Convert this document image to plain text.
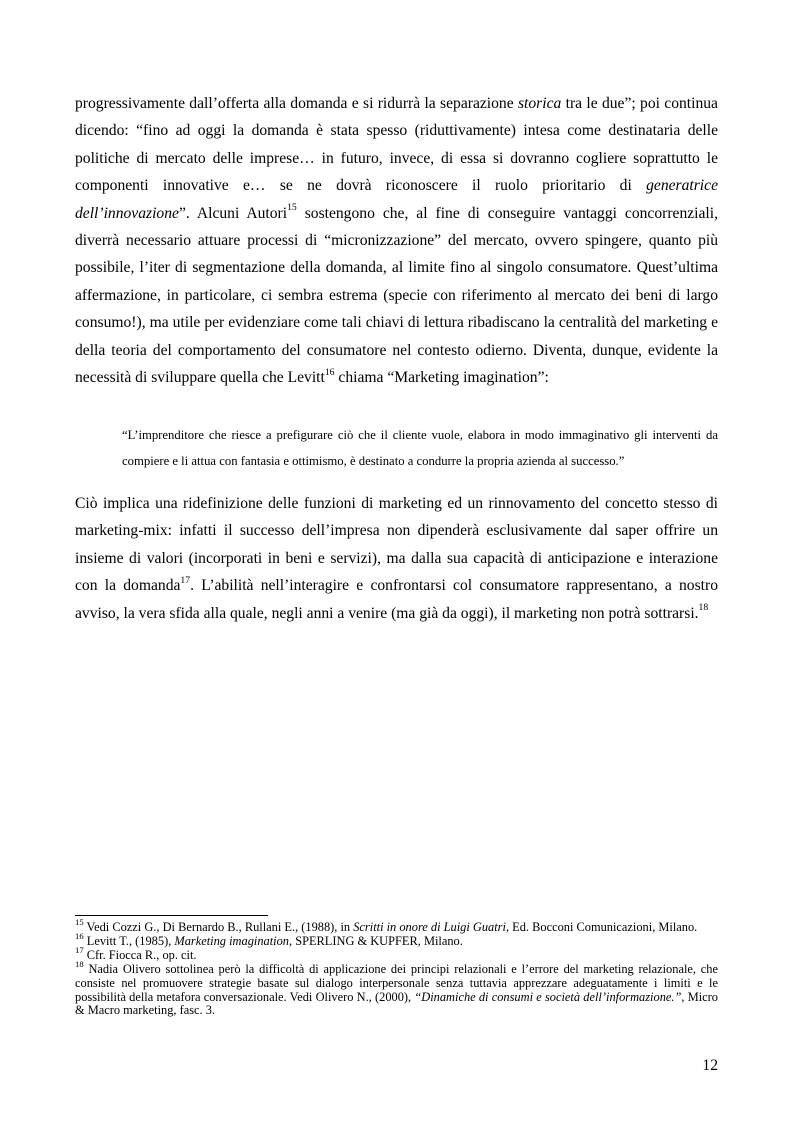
progressivamente dall’offerta alla domanda e si ridurrà la separazione storica tra le due”; poi continua dicendo: “fino ad oggi la domanda è stata spesso (riduttivamente) intesa come destinataria delle politiche di mercato delle imprese… in futuro, invece, di essa si dovranno cogliere soprattutto le componenti innovative e… se ne dovrà riconoscere il ruolo prioritario di generatrice dell’innovazione”. Alcuni Autori$^{15}$ sostengono che, al fine di conseguire vantaggi concorrenziali, diverrà necessario attuare processi di “micronizzazione” del mercato, ovvero spingere, quanto più possibile, l’iter di segmentazione della domanda, al limite fino al singolo consumatore. Quest’ultima affermazione, in particolare, ci sembra estrema (specie con riferimento al mercato dei beni di largo consumo!), ma utile per evidenziare come tali chiavi di lettura ribadiscano la centralità del marketing e della teoria del comportamento del consumatore nel contesto odierno. Diventa, dunque, evidente la necessità di sviluppare quella che Levitt$^{16}$ chiama “Marketing imagination”:

“L’imprenditore che riesce a prefigurare ciò che il cliente vuole, elabora in modo immaginativo gli interventi da compiere e li attua con fantasia e ottimismo, è destinato a condurre la propria azienda al successo.”

Ciò implica una ridefinizione delle funzioni di marketing ed un rinnovamento del concetto stesso di marketing-mix: infatti il successo dell’impresa non dipenderà esclusivamente dal saper offrire un insieme di valori (incorporati in beni e servizi), ma dalla sua capacità di anticipazione e interazione con la domanda$^{17}$. L’abilità nell’interagire e confrontarsi col consumatore rappresentano, a nostro avviso, la vera sfida alla quale, negli anni a venire (ma già da oggi), il marketing non potrà sottrarsi.$^{18}$

$^{15}$ Vedi Cozzi G., Di Bernardo B., Rullani E., (1988), in Scritti in onore di Luigi Guatri, Ed. Bocconi Comunicazioni, Milano.

$^{16}$ Levitt T., (1985), Marketing imagination, SPERLING & KUPFER, Milano.

$^{17}$ Cfr. Fiocca R., op. cit.

$^{18}$ Nadia Olivero sottolinea però la difficoltà di applicazione dei principi relazionali e l’errore del marketing relazionale, che consiste nel promuovere strategie basate sul dialogo interpersonale senza tuttavia apprezzare adeguatamente i limiti e le possibilità della metafora conversazionale. Vedi Olivero N., (2000), “Dinamiche di consumi e società dell’informazione.”, Micro & Macro marketing, fasc. 3.

12
